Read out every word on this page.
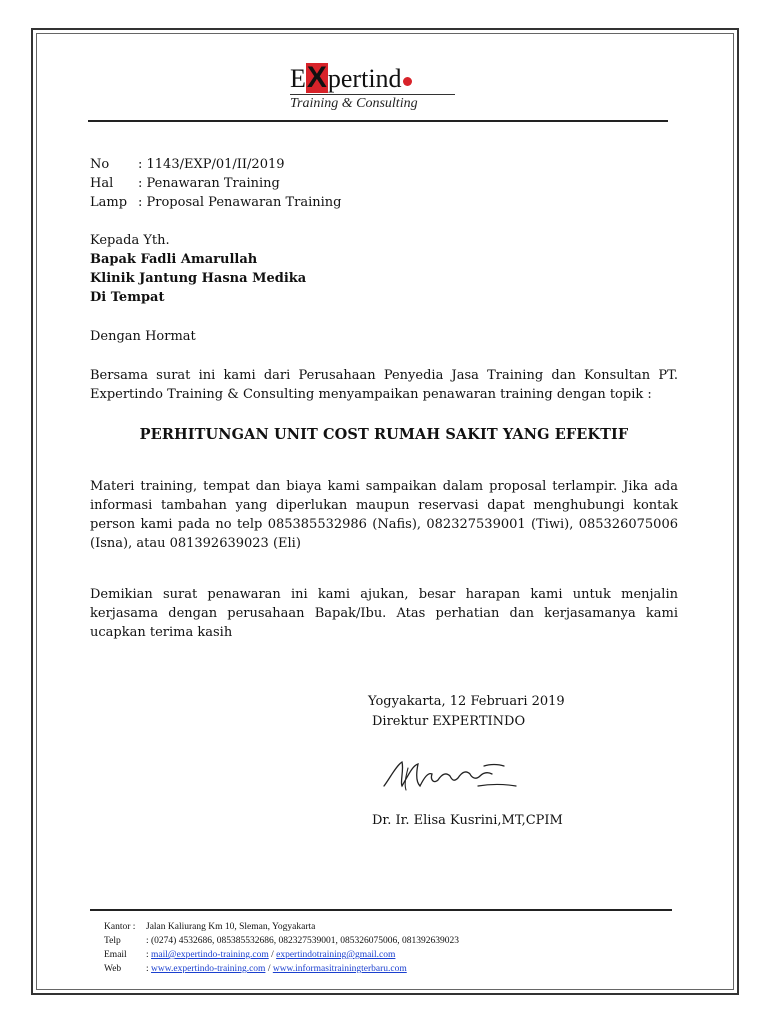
EXpertind
Training & Consulting
No : 1143/EXP/01/II/2019
Hal : Penawaran Training
Lamp : Proposal Penawaran Training
Kepada Yth.
Bapak Fadli Amarullah
Klinik Jantung Hasna Medika
Di Tempat
Dengan Hormat
Bersama surat ini kami dari Perusahaan Penyedia Jasa Training dan Konsultan PT. Expertindo Training & Consulting menyampaikan penawaran training dengan topik :
PERHITUNGAN UNIT COST RUMAH SAKIT YANG EFEKTIF
Materi training, tempat dan biaya kami sampaikan dalam proposal terlampir. Jika ada informasi tambahan yang diperlukan maupun reservasi dapat menghubungi kontak person kami pada no telp 085385532986 (Nafis), 082327539001 (Tiwi), 085326075006 (Isna), atau 081392639023 (Eli)
Demikian surat penawaran ini kami ajukan, besar harapan kami untuk menjalin kerjasama dengan perusahaan Bapak/Ibu. Atas perhatian dan kerjasamanya kami ucapkan terima kasih
Yogyakarta, 12 Februari 2019
Direktur EXPERTINDO
Dr. Ir. Elisa Kusrini,MT,CPIM
Kantor : Jalan Kaliurang Km 10, Sleman, Yogyakarta
Telp	: (0274) 4532686, 085385532686, 082327539001, 085326075006, 081392639023
Email : mail@expertindo-training.com / expertindotraining@gmail.com
Web	: www.expertindo-training.com / www.informasitrainingterbaru.com
